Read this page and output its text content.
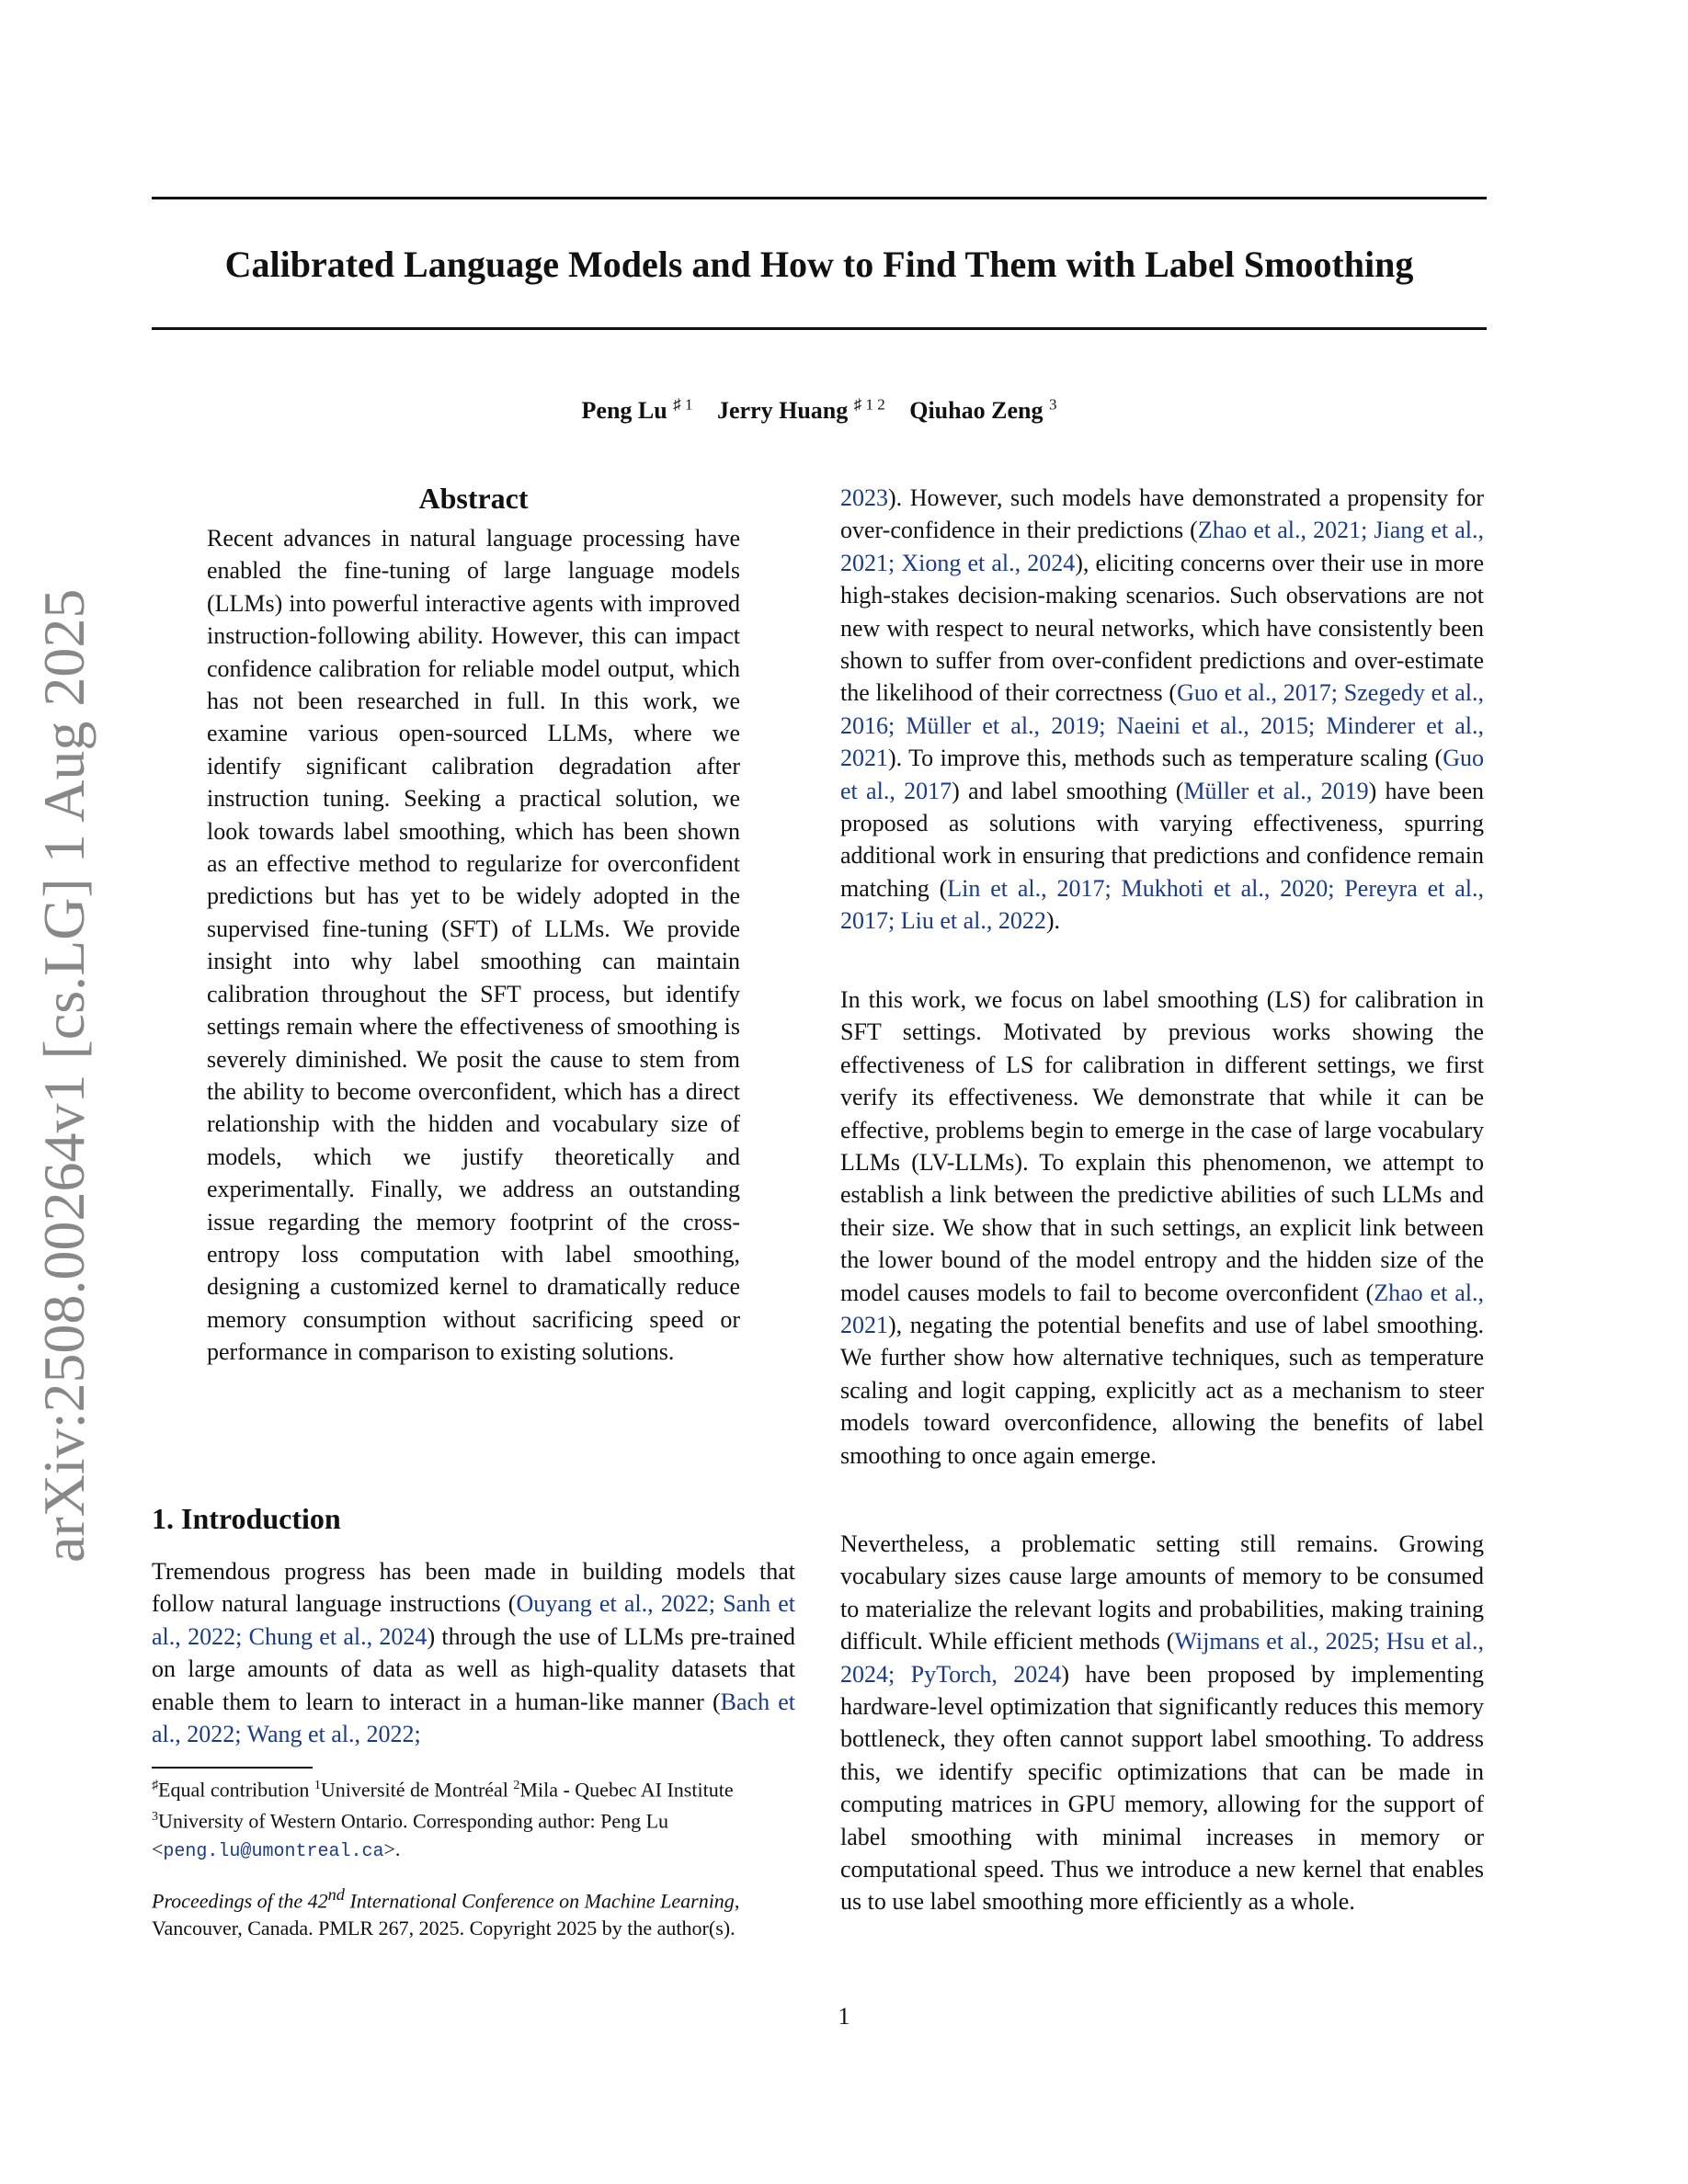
arXiv:2508.00264v1 [cs.LG] 1 Aug 2025
Calibrated Language Models and How to Find Them with Label Smoothing
Peng Lu $^{♯ 1}$ Jerry Huang $^{♯ 1 2}$ Qiuhao Zeng $^3$
Abstract

Recent advances in natural language processing have enabled the fine-tuning of large language models (LLMs) into powerful interactive agents with improved instruction-following ability. However, this can impact confidence calibration for reliable model output, which has not been researched in full. In this work, we examine various open-sourced LLMs, where we identify significant calibration degradation after instruction tuning. Seeking a practical solution, we look towards label smoothing, which has been shown as an effective method to regularize for overconfident predictions but has yet to be widely adopted in the supervised fine-tuning (SFT) of LLMs. We provide insight into why label smoothing can maintain calibration throughout the SFT process, but identify settings remain where the effectiveness of smoothing is severely diminished. We posit the cause to stem from the ability to become overconfident, which has a direct relationship with the hidden and vocabulary size of models, which we justify theoretically and experimentally. Finally, we address an outstanding issue regarding the memory footprint of the cross-entropy loss computation with label smoothing, designing a customized kernel to dramatically reduce memory consumption without sacrificing speed or performance in comparison to existing solutions.

1. Introduction

Tremendous progress has been made in building models that follow natural language instructions (Ouyang et al., 2022; Sanh et al., 2022; Chung et al., 2024) through the use of LLMs pre-trained on large amounts of data as well as high-quality datasets that enable them to learn to interact in a human-like manner (Bach et al., 2022; Wang et al., 2022;

♯Equal contribution $^1$Université de Montréal $^2$Mila - Quebec AI Institute $^3$University of Western Ontario. Corresponding author: Peng Lu <peng.lu@umontreal.ca>.

Proceedings of the 42nd International Conference on Machine Learning, Vancouver, Canada. PMLR 267, 2025. Copyright 2025 by the author(s).

2023). However, such models have demonstrated a propensity for over-confidence in their predictions (Zhao et al., 2021; Jiang et al., 2021; Xiong et al., 2024), eliciting concerns over their use in more high-stakes decision-making scenarios. Such observations are not new with respect to neural networks, which have consistently been shown to suffer from over-confident predictions and over-estimate the likelihood of their correctness (Guo et al., 2017; Szegedy et al., 2016; Müller et al., 2019; Naeini et al., 2015; Minderer et al., 2021). To improve this, methods such as temperature scaling (Guo et al., 2017) and label smoothing (Müller et al., 2019) have been proposed as solutions with varying effectiveness, spurring additional work in ensuring that predictions and confidence remain matching (Lin et al., 2017; Mukhoti et al., 2020; Pereyra et al., 2017; Liu et al., 2022).

In this work, we focus on label smoothing (LS) for calibration in SFT settings. Motivated by previous works showing the effectiveness of LS for calibration in different settings, we first verify its effectiveness. We demonstrate that while it can be effective, problems begin to emerge in the case of large vocabulary LLMs (LV-LLMs). To explain this phenomenon, we attempt to establish a link between the predictive abilities of such LLMs and their size. We show that in such settings, an explicit link between the lower bound of the model entropy and the hidden size of the model causes models to fail to become overconfident (Zhao et al., 2021), negating the potential benefits and use of label smoothing. We further show how alternative techniques, such as temperature scaling and logit capping, explicitly act as a mechanism to steer models toward overconfidence, allowing the benefits of label smoothing to once again emerge.

Nevertheless, a problematic setting still remains. Growing vocabulary sizes cause large amounts of memory to be consumed to materialize the relevant logits and probabilities, making training difficult. While efficient methods (Wijmans et al., 2025; Hsu et al., 2024; PyTorch, 2024) have been proposed by implementing hardware-level optimization that significantly reduces this memory bottleneck, they often cannot support label smoothing. To address this, we identify specific optimizations that can be made in computing matrices in GPU memory, allowing for the support of label smoothing with minimal increases in memory or computational speed. Thus we introduce a new kernel that enables us to use label smoothing more efficiently as a whole.

1
